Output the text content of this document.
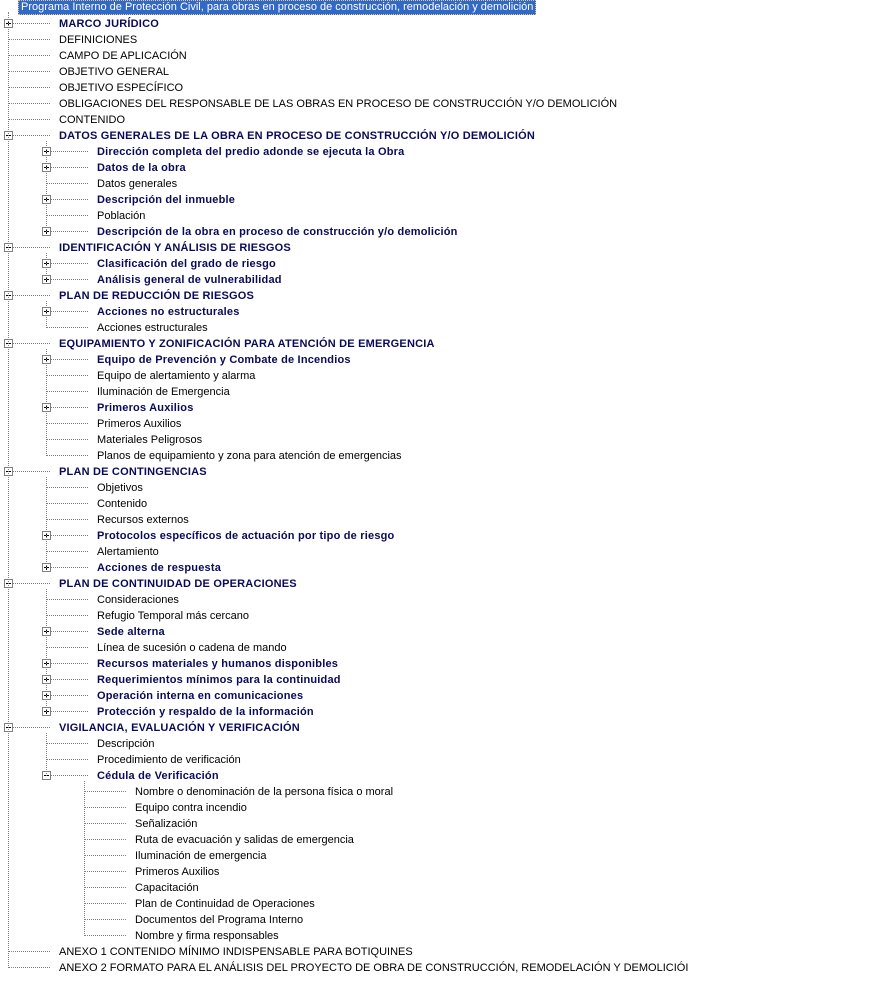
Programa Interno de Protección Civil, para obras en proceso de construcción, remodelación y demolición
MARCO JURÍDICO
DEFINICIONES
CAMPO DE APLICACIÓN
OBJETIVO GENERAL
OBJETIVO ESPECÍFICO
OBLIGACIONES DEL RESPONSABLE DE LAS OBRAS EN PROCESO DE CONSTRUCCIÓN Y/O DEMOLICIÓN
CONTENIDO
DATOS GENERALES DE LA OBRA EN PROCESO DE CONSTRUCCIÓN Y/O DEMOLICIÓN
Dirección completa del predio adonde se ejecuta la Obra
Datos de la obra
Datos generales
Descripción del inmueble
Población
Descripción de la obra en proceso de construcción y/o demolición
IDENTIFICACIÓN Y ANÁLISIS DE RIESGOS
Clasificación del grado de riesgo
Análisis general de vulnerabilidad
PLAN DE REDUCCIÓN DE RIESGOS
Acciones no estructurales
Acciones estructurales
EQUIPAMIENTO Y ZONIFICACIÓN PARA ATENCIÓN DE EMERGENCIA
Equipo de Prevención y Combate de Incendios
Equipo de alertamiento y alarma
Iluminación de Emergencia
Primeros Auxilios
Primeros Auxilios
Materiales Peligrosos
Planos de equipamiento y zona para atención de emergencias
PLAN DE CONTINGENCIAS
Objetivos
Contenido
Recursos externos
Protocolos específicos de actuación por tipo de riesgo
Alertamiento
Acciones de respuesta
PLAN DE CONTINUIDAD DE OPERACIONES
Consideraciones
Refugio Temporal más cercano
Sede alterna
Línea de sucesión o cadena de mando
Recursos materiales y humanos disponibles
Requerimientos mínimos para la continuidad
Operación interna en comunicaciones
Protección y respaldo de la información
VIGILANCIA, EVALUACIÓN Y VERIFICACIÓN
Descripción
Procedimiento de verificación
Cédula de Verificación
Nombre o denominación de la persona física o moral
Equipo contra incendio
Señalización
Ruta de evacuación y salidas de emergencia
Iluminación de emergencia
Primeros Auxilios
Capacitación
Plan de Continuidad de Operaciones
Documentos del Programa Interno
Nombre y firma responsables
ANEXO 1 CONTENIDO MÍNIMO INDISPENSABLE PARA BOTIQUINES
ANEXO 2 FORMATO PARA EL ANÁLISIS DEL PROYECTO DE OBRA DE CONSTRUCCIÓN, REMODELACIÓN Y DEMOLICIÓI
